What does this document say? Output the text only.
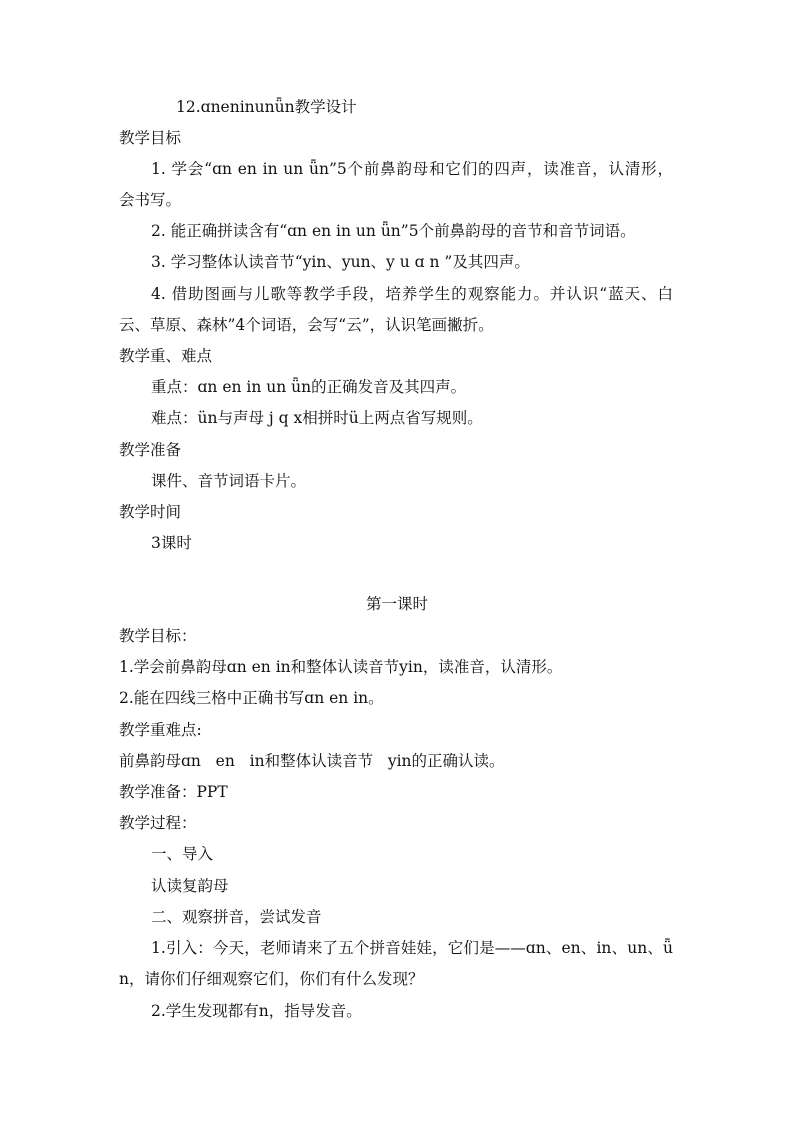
12.ɑneninunǖn教学设计
教学目标
1. 学会“ɑn en in un ǖn”5个前鼻韵母和它们的四声，读准音，认清形，
会书写。
2. 能正确拼读含有“ɑn en in un ǖn”5个前鼻韵母的音节和音节词语。
3. 学习整体认读音节“yin、yun、y u ɑ n ”及其四声。
4. 借助图画与儿歌等教学手段，培养学生的观察能力。并认识“蓝天、白
云、草原、森林”4个词语，会写“云”，认识笔画撇折。
教学重、难点
重点：ɑn en in un ǖn的正确发音及其四声。
难点：ün与声母 j q x相拼时ü上两点省写规则。
教学准备
课件、音节词语卡片。
教学时间
3课时
第一课时
教学目标：
1.学会前鼻韵母ɑn en in和整体认读音节yin，读准音，认清形。
2.能在四线三格中正确书写ɑn en in。
教学重难点:
前鼻韵母ɑn   en   in和整体认读音节   yin的正确认读。
教学准备：PPT
教学过程：
一、导入
认读复韵母
二、观察拼音，尝试发音
1.引入：今天，老师请来了五个拼音娃娃，它们是——ɑn、en、in、un、ǖ
n，请你们仔细观察它们，你们有什么发现？
2.学生发现都有n，指导发音。
